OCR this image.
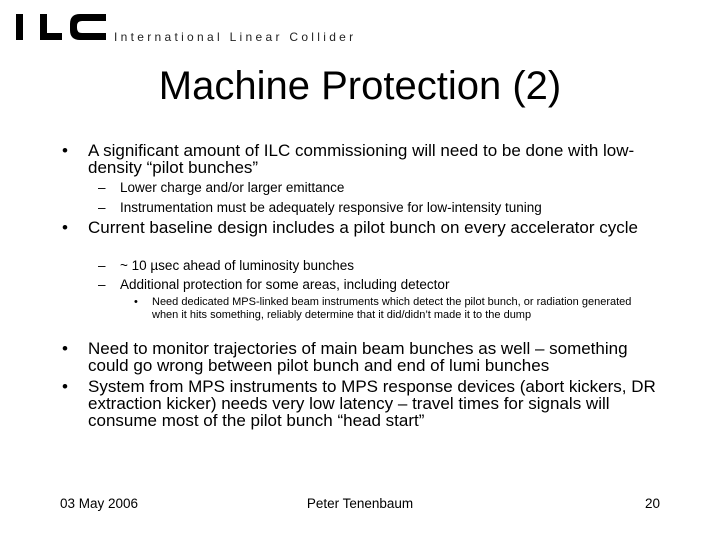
International Linear Collider
Machine Protection (2)
• A significant amount of ILC commissioning will need to be done with low-density “pilot bunches”
– Lower charge and/or larger emittance
– Instrumentation must be adequately responsive for low-intensity tuning
• Current baseline design includes a pilot bunch on every accelerator cycle
– ~ 10 µsec ahead of luminosity bunches
– Additional protection for some areas, including detector
• Need dedicated MPS-linked beam instruments which detect the pilot bunch, or radiation generated when it hits something, reliably determine that it did/didn’t made it to the dump
• Need to monitor trajectories of main beam bunches as well – something could go wrong between pilot bunch and end of lumi bunches
• System from MPS instruments to MPS response devices (abort kickers, DR extraction kicker) needs very low latency – travel times for signals will consume most of the pilot bunch “head start”
03 May 2006	Peter Tenenbaum	20
